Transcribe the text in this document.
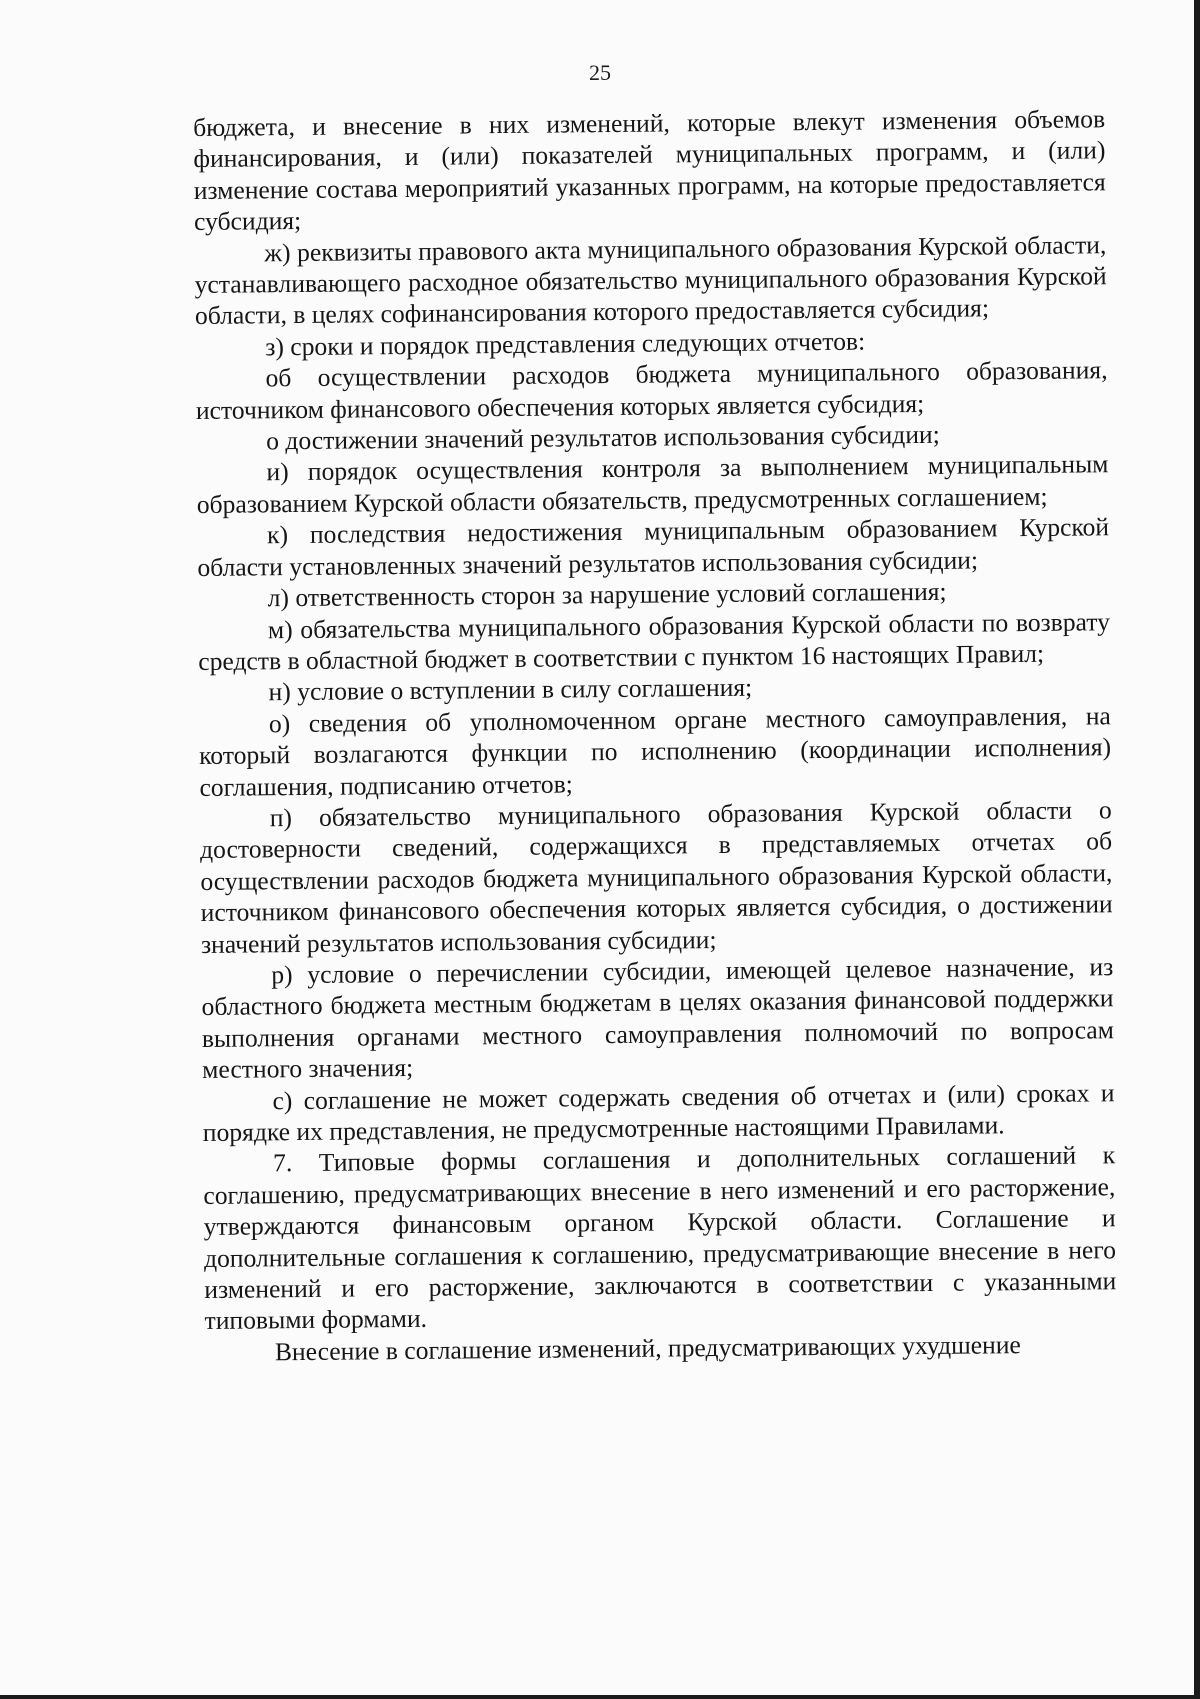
25

бюджета, и внесение в них изменений, которые влекут изменения объемов финансирования, и (или) показателей муниципальных программ, и (или) изменение состава мероприятий указанных программ, на которые предоставляется субсидия;

ж) реквизиты правового акта муниципального образования Курской области, устанавливающего расходное обязательство муниципального образования Курской области, в целях софинансирования которого предоставляется субсидия;

з) сроки и порядок представления следующих отчетов:

об осуществлении расходов бюджета муниципального образования, источником финансового обеспечения которых является субсидия;

о достижении значений результатов использования субсидии;

и) порядок осуществления контроля за выполнением муниципальным образованием Курской области обязательств, предусмотренных соглашением;

к) последствия недостижения муниципальным образованием Курской области установленных значений результатов использования субсидии;

л) ответственность сторон за нарушение условий соглашения;

м) обязательства муниципального образования Курской области по возврату средств в областной бюджет в соответствии с пунктом 16 настоящих Правил;

н) условие о вступлении в силу соглашения;

о) сведения об уполномоченном органе местного самоуправления, на который возлагаются функции по исполнению (координации исполнения) соглашения, подписанию отчетов;

п) обязательство муниципального образования Курской области о достоверности сведений, содержащихся в представляемых отчетах об осуществлении расходов бюджета муниципального образования Курской области, источником финансового обеспечения которых является субсидия, о достижении значений результатов использования субсидии;

р) условие о перечислении субсидии, имеющей целевое назначение, из областного бюджета местным бюджетам в целях оказания финансовой поддержки выполнения органами местного самоуправления полномочий по вопросам местного значения;

с) соглашение не может содержать сведения об отчетах и (или) сроках и порядке их представления, не предусмотренные настоящими Правилами.

7. Типовые формы соглашения и дополнительных соглашений к соглашению, предусматривающих внесение в него изменений и его расторжение, утверждаются финансовым органом Курской области. Соглашение и дополнительные соглашения к соглашению, предусматривающие внесение в него изменений и его расторжение, заключаются в соответствии с указанными типовыми формами.

Внесение в соглашение изменений, предусматривающих ухудшение
